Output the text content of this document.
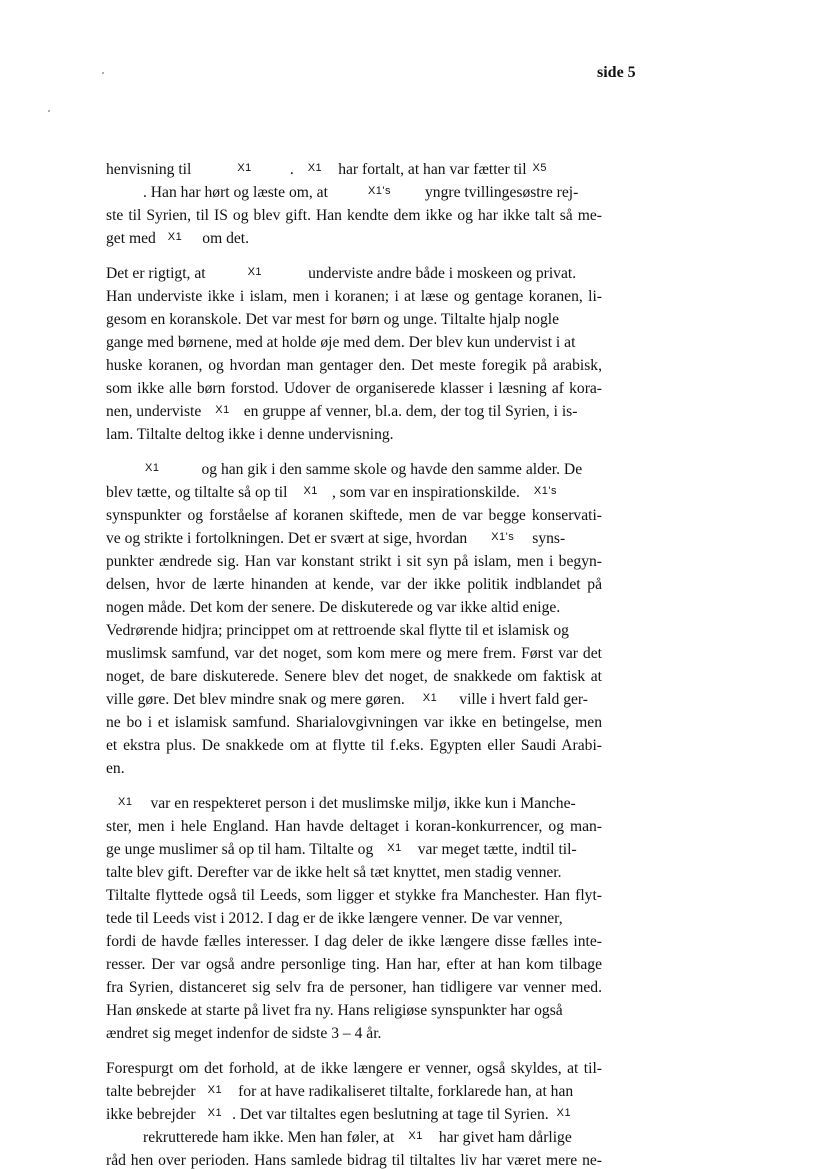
side 5
henvisning til	X1 . X1 har fortalt, at han var fætter til X5
. Han har hørt og læste om, at	X1's yngre tvillingesøstre rej-
ste til Syrien, til IS og blev gift. Han kendte dem ikke og har ikke talt så me-
get med X1 om det.
Det er rigtigt, at	X1	underviste andre både i moskeen og privat.
Han underviste ikke i islam, men i koranen; i at læse og gentage koranen, li-
gesom en koranskole. Det var mest for børn og unge. Tiltalte hjalp nogle
gange med børnene, med at holde øje med dem. Der blev kun undervist i at
huske koranen, og hvordan man gentager den. Det meste foregik på arabisk,
som ikke alle børn forstod. Udover de organiserede klasser i læsning af kora-
nen, underviste X1 en gruppe af venner, bl.a. dem, der tog til Syrien, i is-
lam. Tiltalte deltog ikke i denne undervisning.
X1	og han gik i den samme skole og havde den samme alder. De
blev tætte, og tiltalte så op til X1 , som var en inspirationskilde. X1's
synspunkter og forståelse af koranen skiftede, men de var begge konservati-
ve og strikte i fortolkningen. Det er svært at sige, hvordan X1's syns-
punkter ændrede sig. Han var konstant strikt i sit syn på islam, men i begyn-
delsen, hvor de lærte hinanden at kende, var der ikke politik indblandet på
nogen måde. Det kom der senere. De diskuterede og var ikke altid enige.
Vedrørende hidjra; princippet om at rettroende skal flytte til et islamisk og
muslimsk samfund, var det noget, som kom mere og mere frem. Først var det
noget, de bare diskuterede. Senere blev det noget, de snakkede om faktisk at
ville gøre. Det blev mindre snak og mere gøren. X1 ville i hvert fald ger-
ne bo i et islamisk samfund. Sharialovgivningen var ikke en betingelse, men
et ekstra plus. De snakkede om at flytte til f.eks. Egypten eller Saudi Arabi-
en.
X1 var en respekteret person i det muslimske miljø, ikke kun i Manche-
ster, men i hele England. Han havde deltaget i koran-konkurrencer, og man-
ge unge muslimer så op til ham. Tiltalte og X1 var meget tætte, indtil til-
talte blev gift. Derefter var de ikke helt så tæt knyttet, men stadig venner.
Tiltalte flyttede også til Leeds, som ligger et stykke fra Manchester. Han flyt-
tede til Leeds vist i 2012. I dag er de ikke længere venner. De var venner,
fordi de havde fælles interesser. I dag deler de ikke længere disse fælles inte-
resser. Der var også andre personlige ting. Han har, efter at han kom tilbage
fra Syrien, distanceret sig selv fra de personer, han tidligere var venner med.
Han ønskede at starte på livet fra ny. Hans religiøse synspunkter har også
ændret sig meget indenfor de sidste 3 – 4 år.
Forespurgt om det forhold, at de ikke længere er venner, også skyldes, at til-
talte bebrejder X1 for at have radikaliseret tiltalte, forklarede han, at han
ikke bebrejder X1 . Det var tiltaltes egen beslutning at tage til Syrien. X1
rekrutterede ham ikke. Men han føler, at X1 har givet ham dårlige
råd hen over perioden. Hans samlede bidrag til tiltaltes liv har været mere ne-
